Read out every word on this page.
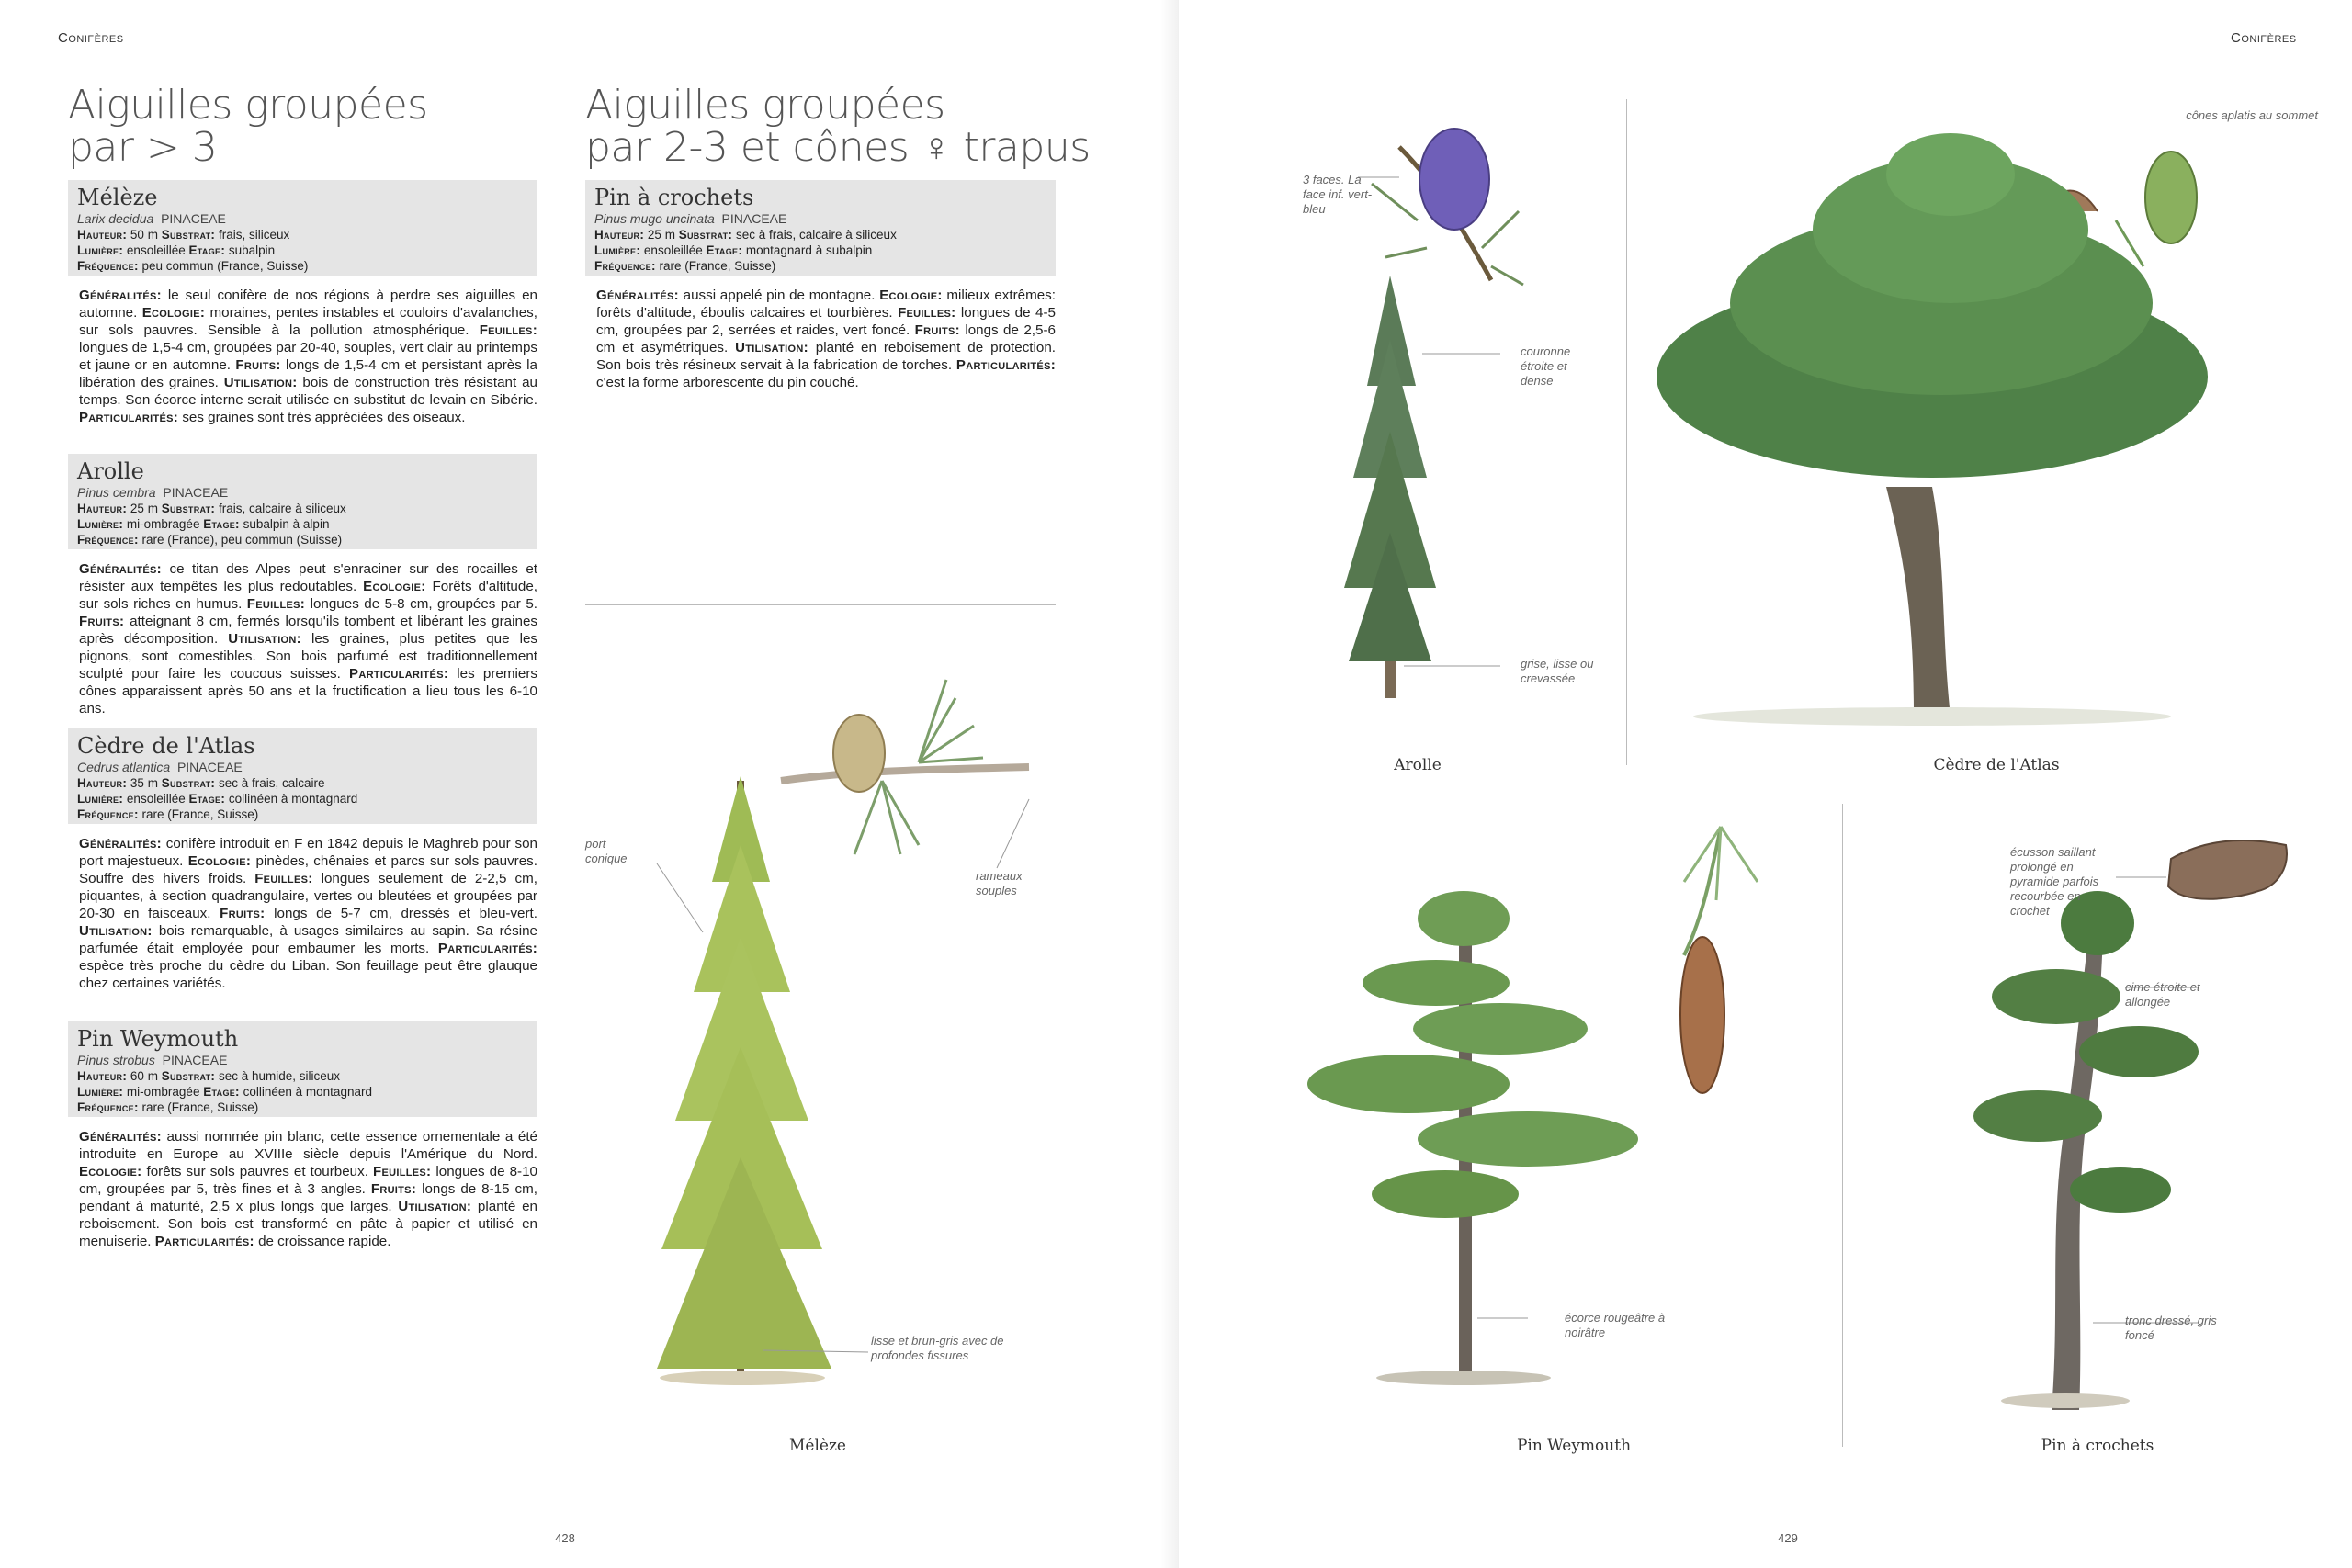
Conifères
Aiguilles groupées
par > 3
Aiguilles groupées
par 2-3 et cônes ♀ trapus
Mélèze
Larix decidua PINACEAE
Hauteur: 50 m Substrat: frais, siliceux
Lumière: ensoleillée Etage: subalpin
Fréquence: peu commun (France, Suisse)
Généralités: le seul conifère de nos régions à perdre ses aiguilles en automne. Ecologie: moraines, pentes instables et couloirs d'avalanches, sur sols pauvres. Sensible à la pollution atmosphérique. Feuilles: longues de 1,5-4 cm, groupées par 20-40, souples, vert clair au printemps et jaune or en automne. Fruits: longs de 1,5-4 cm et persistant après la libération des graines. Utilisation: bois de construction très résistant au temps. Son écorce interne serait utilisée en substitut de levain en Sibérie. Particularités: ses graines sont très appréciées des oiseaux.
Arolle
Pinus cembra PINACEAE
Hauteur: 25 m Substrat: frais, calcaire à siliceux
Lumière: mi-ombragée Etage: subalpin à alpin
Fréquence: rare (France), peu commun (Suisse)
Généralités: ce titan des Alpes peut s'enraciner sur des rocailles et résister aux tempêtes les plus redoutables. Ecologie: Forêts d'altitude, sur sols riches en humus. Feuilles: longues de 5-8 cm, groupées par 5. Fruits: atteignant 8 cm, fermés lorsqu'ils tombent et libérant les graines après décomposition. Utilisation: les graines, plus petites que les pignons, sont comestibles. Son bois parfumé est traditionnellement sculpté pour faire les coucous suisses. Particularités: les premiers cônes apparaissent après 50 ans et la fructification a lieu tous les 6-10 ans.
Cèdre de l'Atlas
Cedrus atlantica PINACEAE
Hauteur: 35 m Substrat: sec à frais, calcaire
Lumière: ensoleillée Etage: collinéen à montagnard
Fréquence: rare (France, Suisse)
Généralités: conifère introduit en F en 1842 depuis le Maghreb pour son port majestueux. Ecologie: pinèdes, chênaies et parcs sur sols pauvres. Souffre des hivers froids. Feuilles: longues seulement de 2-2,5 cm, piquantes, à section quadrangulaire, vertes ou bleutées et groupées par 20-30 en faisceaux. Fruits: longs de 5-7 cm, dressés et bleu-vert. Utilisation: bois remarquable, à usages similaires au sapin. Sa résine parfumée était employée pour embaumer les morts. Particularités: espèce très proche du cèdre du Liban. Son feuillage peut être glauque chez certaines variétés.
Pin Weymouth
Pinus strobus PINACEAE
Hauteur: 60 m Substrat: sec à humide, siliceux
Lumière: mi-ombragée Etage: collinéen à montagnard
Fréquence: rare (France, Suisse)
Généralités: aussi nommée pin blanc, cette essence ornementale a été introduite en Europe au XVIIIe siècle depuis l'Amérique du Nord. Ecologie: forêts sur sols pauvres et tourbeux. Feuilles: longues de 8-10 cm, groupées par 5, très fines et à 3 angles. Fruits: longs de 8-15 cm, pendant à maturité, 2,5 x plus longs que larges. Utilisation: planté en reboisement. Son bois est transformé en pâte à papier et utilisé en menuiserie. Particularités: de croissance rapide.
Pin à crochets
Pinus mugo uncinata PINACEAE
Hauteur: 25 m Substrat: sec à frais, calcaire à siliceux
Lumière: ensoleillée Etage: montagnard à subalpin
Fréquence: rare (France, Suisse)
Généralités: aussi appelé pin de montagne. Ecologie: milieux extrêmes: forêts d'altitude, éboulis calcaires et tourbières. Feuilles: longues de 4-5 cm, groupées par 2, serrées et raides, vert foncé. Fruits: longs de 2,5-6 cm et asymétriques. Utilisation: planté en reboisement de protection. Son bois très résineux servait à la fabrication de torches. Particularités: c'est la forme arborescente du pin couché.
port conique
rameaux souples
lisse et brun-gris avec de profondes fissures
Mélèze
428
Conifères
3 faces. La face inf. vert-bleu
couronne étroite et dense
grise, lisse ou crevassée
Arolle
cônes aplatis au sommet
Cèdre de l'Atlas
écorce rougeâtre à noirâtre
Pin Weymouth
écusson saillant prolongé en pyramide parfois recourbée en crochet
cime étroite et allongée
tronc dressé, gris foncé
Pin à crochets
429
